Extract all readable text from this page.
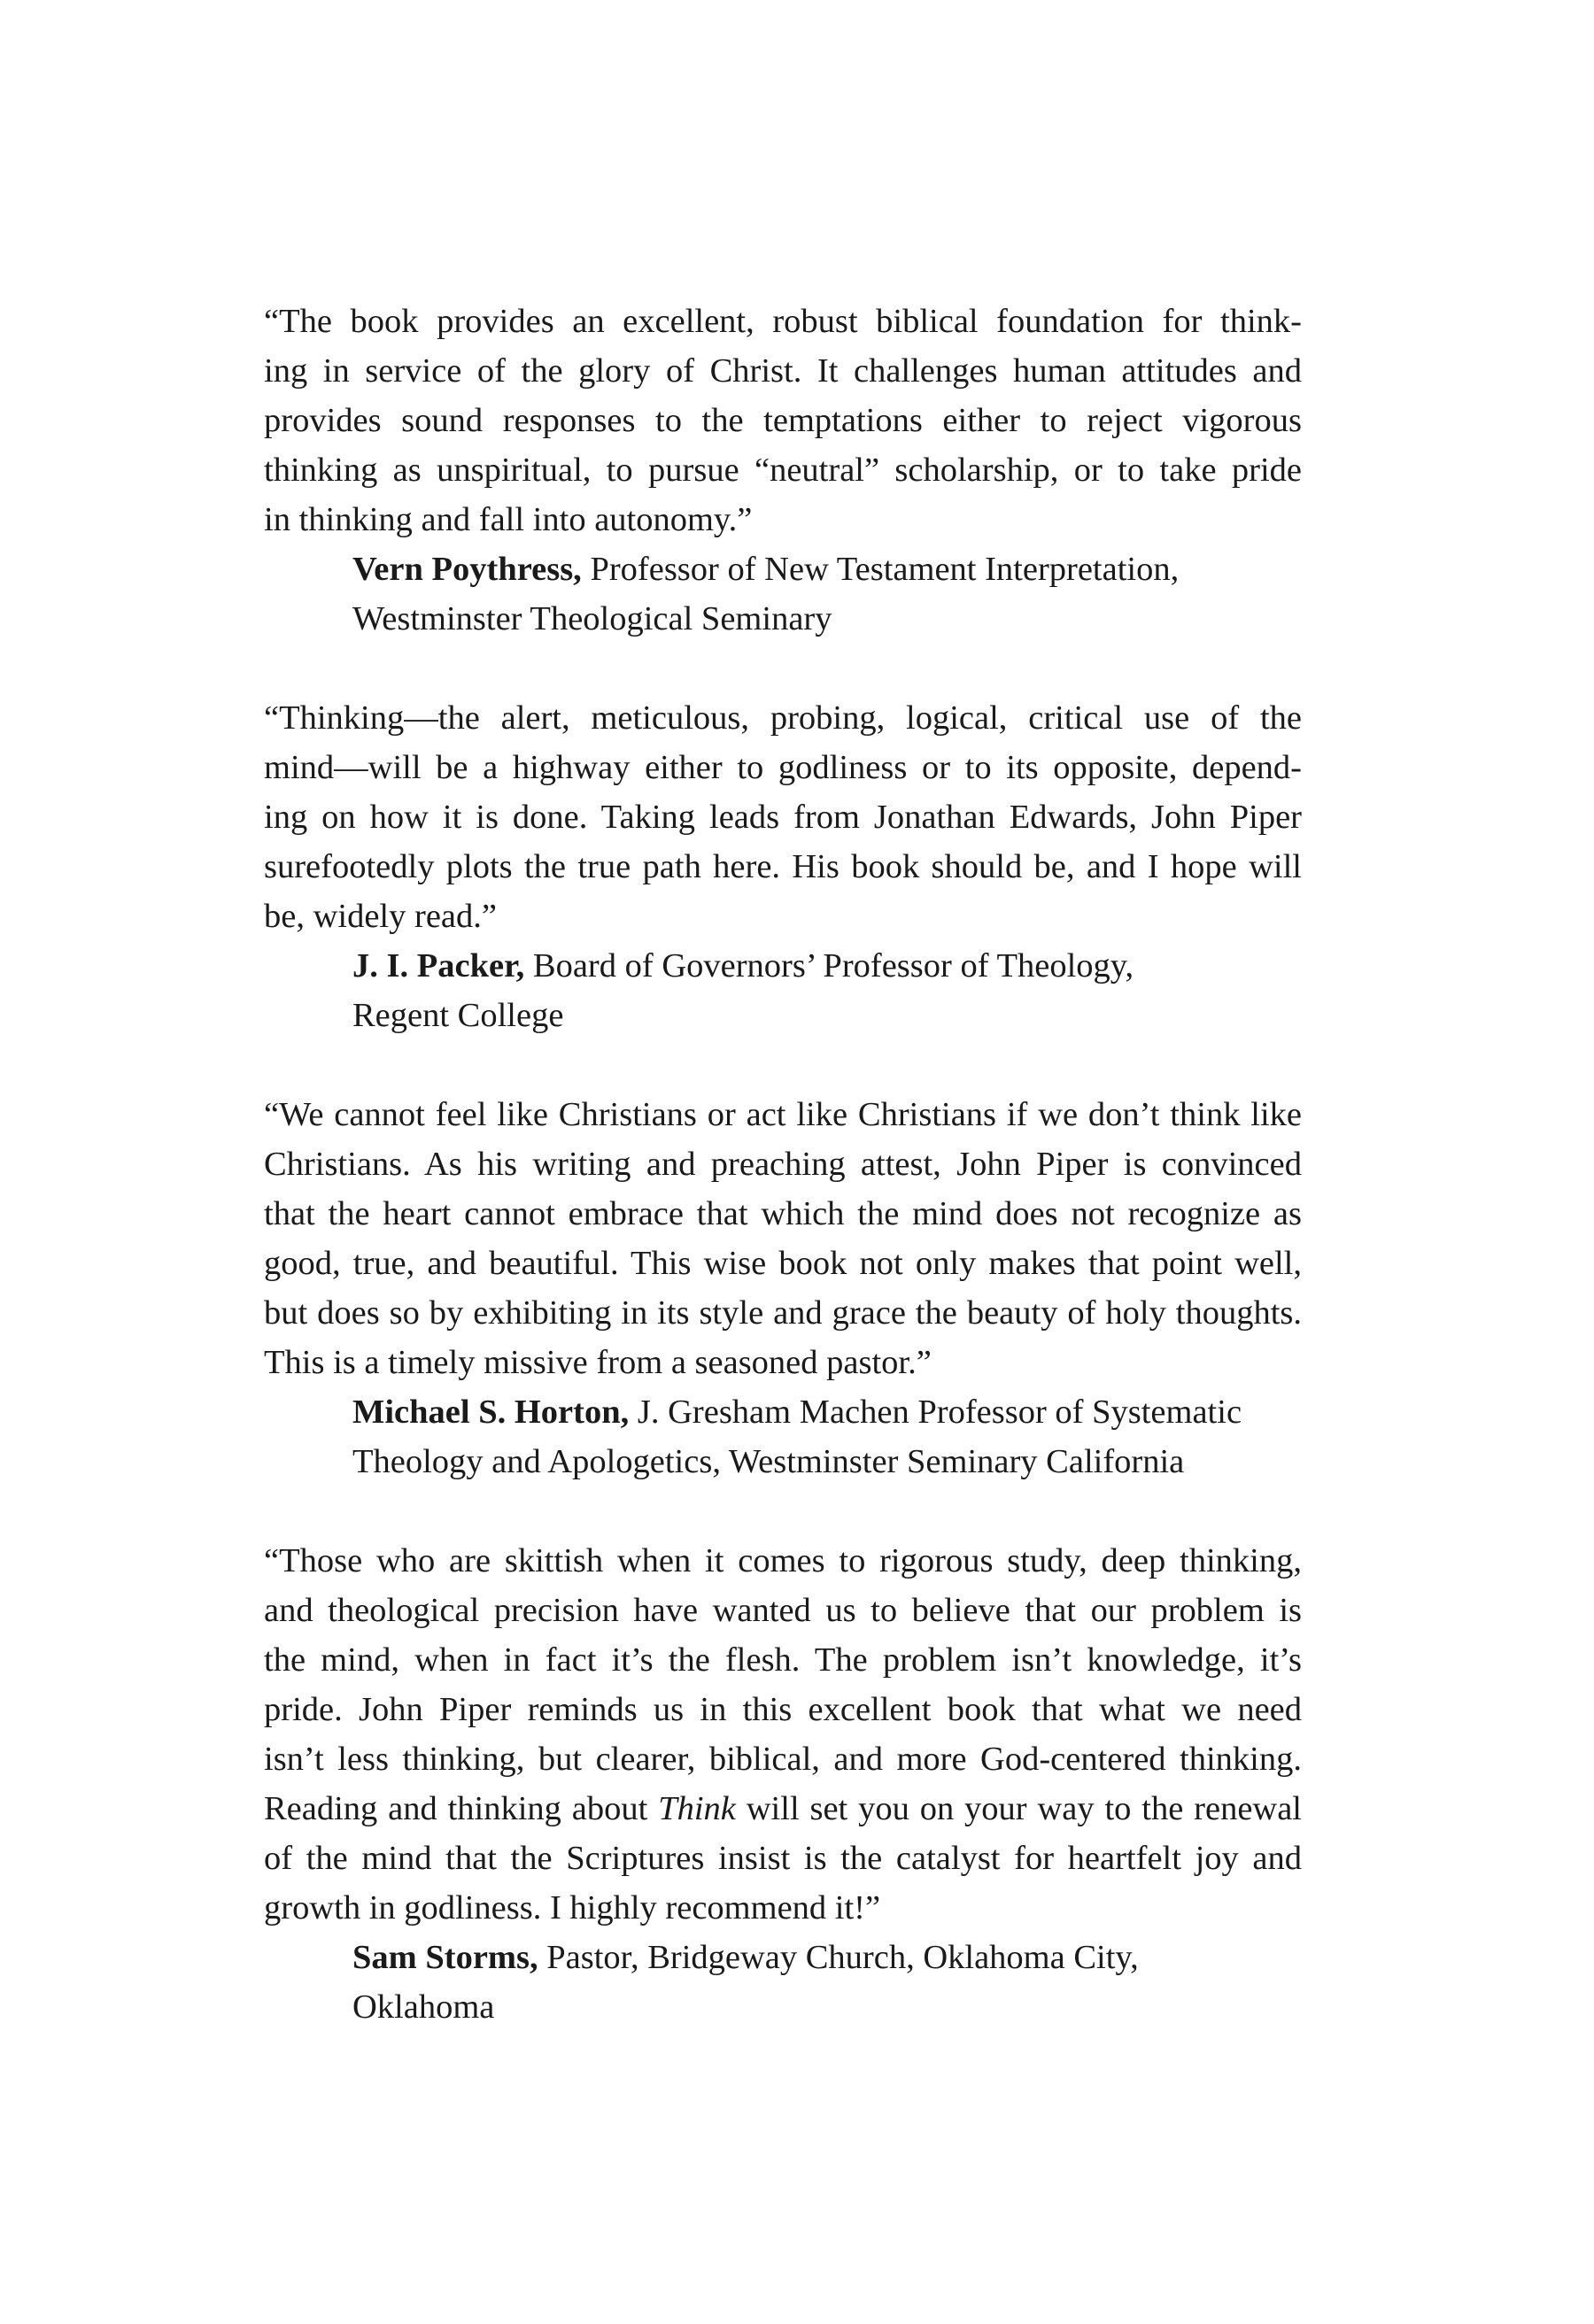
“The book provides an excellent, robust biblical foundation for think-
ing in service of the glory of Christ. It challenges human attitudes and
provides sound responses to the temptations either to reject vigorous
thinking as unspiritual, to pursue “neutral” scholarship, or to take pride
in thinking and fall into autonomy.”

Vern Poythress, Professor of New Testament Interpretation,
Westminster Theological Seminary

“Thinking—the alert, meticulous, probing, logical, critical use of the
mind—will be a highway either to godliness or to its opposite, depend-
ing on how it is done. Taking leads from Jonathan Edwards, John Piper
surefootedly plots the true path here. His book should be, and I hope will
be, widely read.”

J. I. Packer, Board of Governors’ Professor of Theology,
Regent College

“We cannot feel like Christians or act like Christians if we don’t think like
Christians. As his writing and preaching attest, John Piper is convinced
that the heart cannot embrace that which the mind does not recognize as
good, true, and beautiful. This wise book not only makes that point well,
but does so by exhibiting in its style and grace the beauty of holy thoughts.
This is a timely missive from a seasoned pastor.”

Michael S. Horton, J. Gresham Machen Professor of Systematic
Theology and Apologetics, Westminster Seminary California

“Those who are skittish when it comes to rigorous study, deep thinking,
and theological precision have wanted us to believe that our problem is
the mind, when in fact it’s the flesh. The problem isn’t knowledge, it’s
pride. John Piper reminds us in this excellent book that what we need
isn’t less thinking, but clearer, biblical, and more God-centered thinking.
Reading and thinking about Think will set you on your way to the renewal
of the mind that the Scriptures insist is the catalyst for heartfelt joy and
growth in godliness. I highly recommend it!”

Sam Storms, Pastor, Bridgeway Church, Oklahoma City,
Oklahoma
